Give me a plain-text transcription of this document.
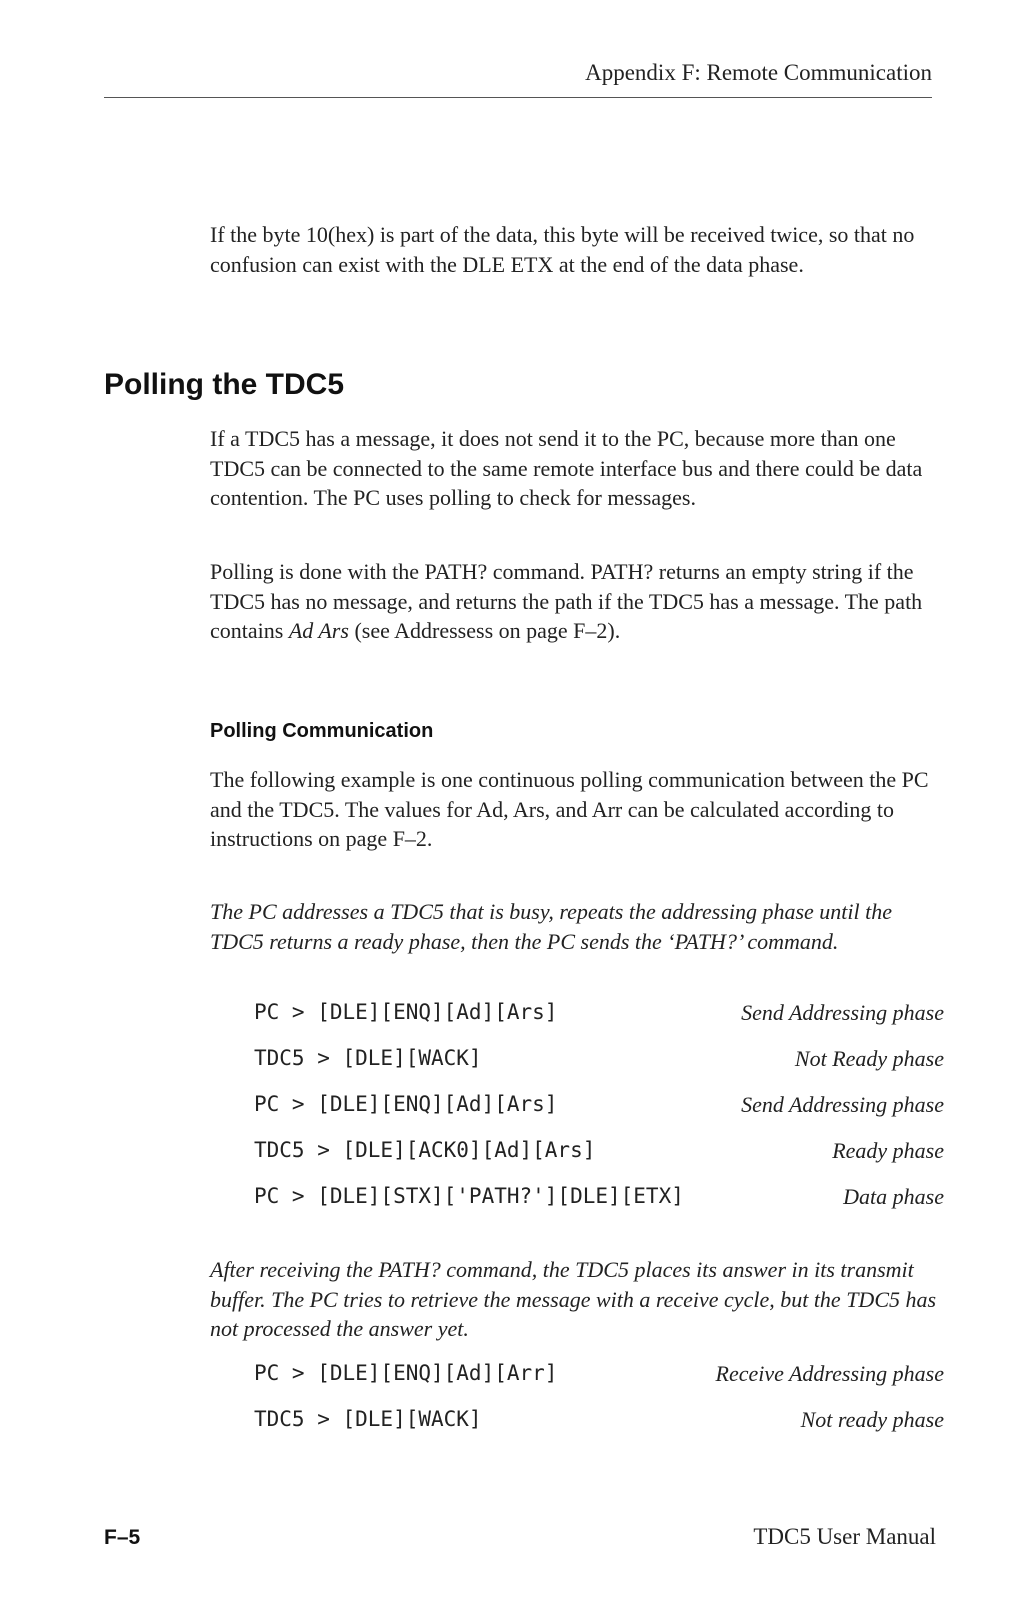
Appendix F: Remote Communication

If the byte 10(hex) is part of the data, this byte will be received twice, so that no confusion can exist with the DLE ETX at the end of the data phase.

Polling the TDC5

If a TDC5 has a message, it does not send it to the PC, because more than one TDC5 can be connected to the same remote interface bus and there could be data contention. The PC uses polling to check for messages.

Polling is done with the PATH? command. PATH? returns an empty string if the TDC5 has no message, and returns the path if the TDC5 has a message. The path contains Ad Ars (see Addressess on page F–2).

Polling Communication

The following example is one continuous polling communication between the PC and the TDC5. The values for Ad, Ars, and Arr can be calculated according to instructions on page F–2.

The PC addresses a TDC5 that is busy, repeats the addressing phase until the TDC5 returns a ready phase, then the PC sends the ‘PATH?’ command.

PC > [DLE][ENQ][Ad][Ars]	Send Addressing phase
TDC5 > [DLE][WACK]	Not Ready phase
PC > [DLE][ENQ][Ad][Ars]	Send Addressing phase
TDC5 > [DLE][ACK0][Ad][Ars]	Ready phase
PC > [DLE][STX]['PATH?'][DLE][ETX]	Data phase

After receiving the PATH? command, the TDC5 places its answer in its transmit buffer. The PC tries to retrieve the message with a receive cycle, but the TDC5 has not processed the answer yet.

PC > [DLE][ENQ][Ad][Arr]	Receive Addressing phase
TDC5 > [DLE][WACK]	Not ready phase
F–5	TDC5 User Manual
